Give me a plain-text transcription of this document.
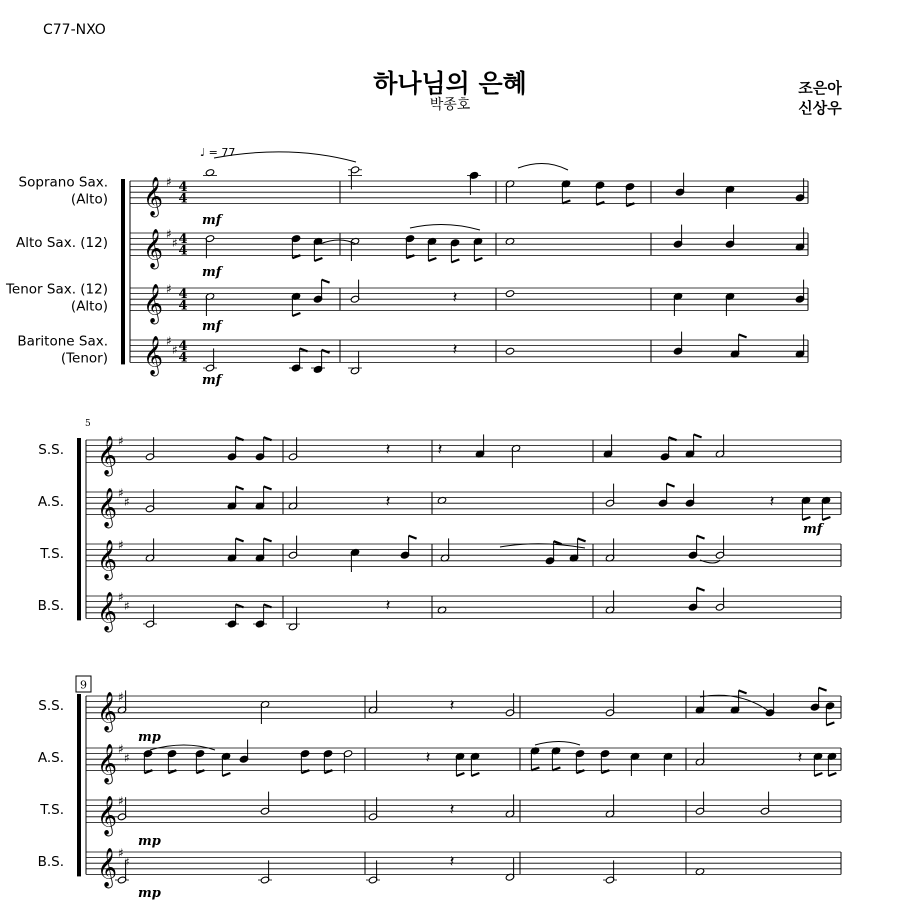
C77-NXO
하나님의 은혜
박종호
조은아
신상우
♩ = 77
Soprano Sax.
(Alto) 𝄞 ♯ 4
4
Alto Sax. (12) 𝄞 ♯
♯ 4
4
Tenor Sax. (12)
(Alto) 𝄞 ♯ 4
4	𝄽
Baritone Sax.
(Tenor) 𝄞 ♯
♯ 4
4	𝄽
S.S. 𝄞 ♯	𝄽	𝄽
A.S. 𝄞 ♯
♯	𝄽	𝄽
T.S. 𝄞 ♯
B.S. 𝄞 ♯
♯	𝄽
5
S.S. 𝄞 ♯	𝄽
A.S. 𝄞 ♯
♯	𝄽	𝄽
T.S. 𝄞 ♯	𝄽
B.S. 𝄞 ♯
♯	𝄽
9
mf
mf
mf
mf
mf
mp
mp
mp
